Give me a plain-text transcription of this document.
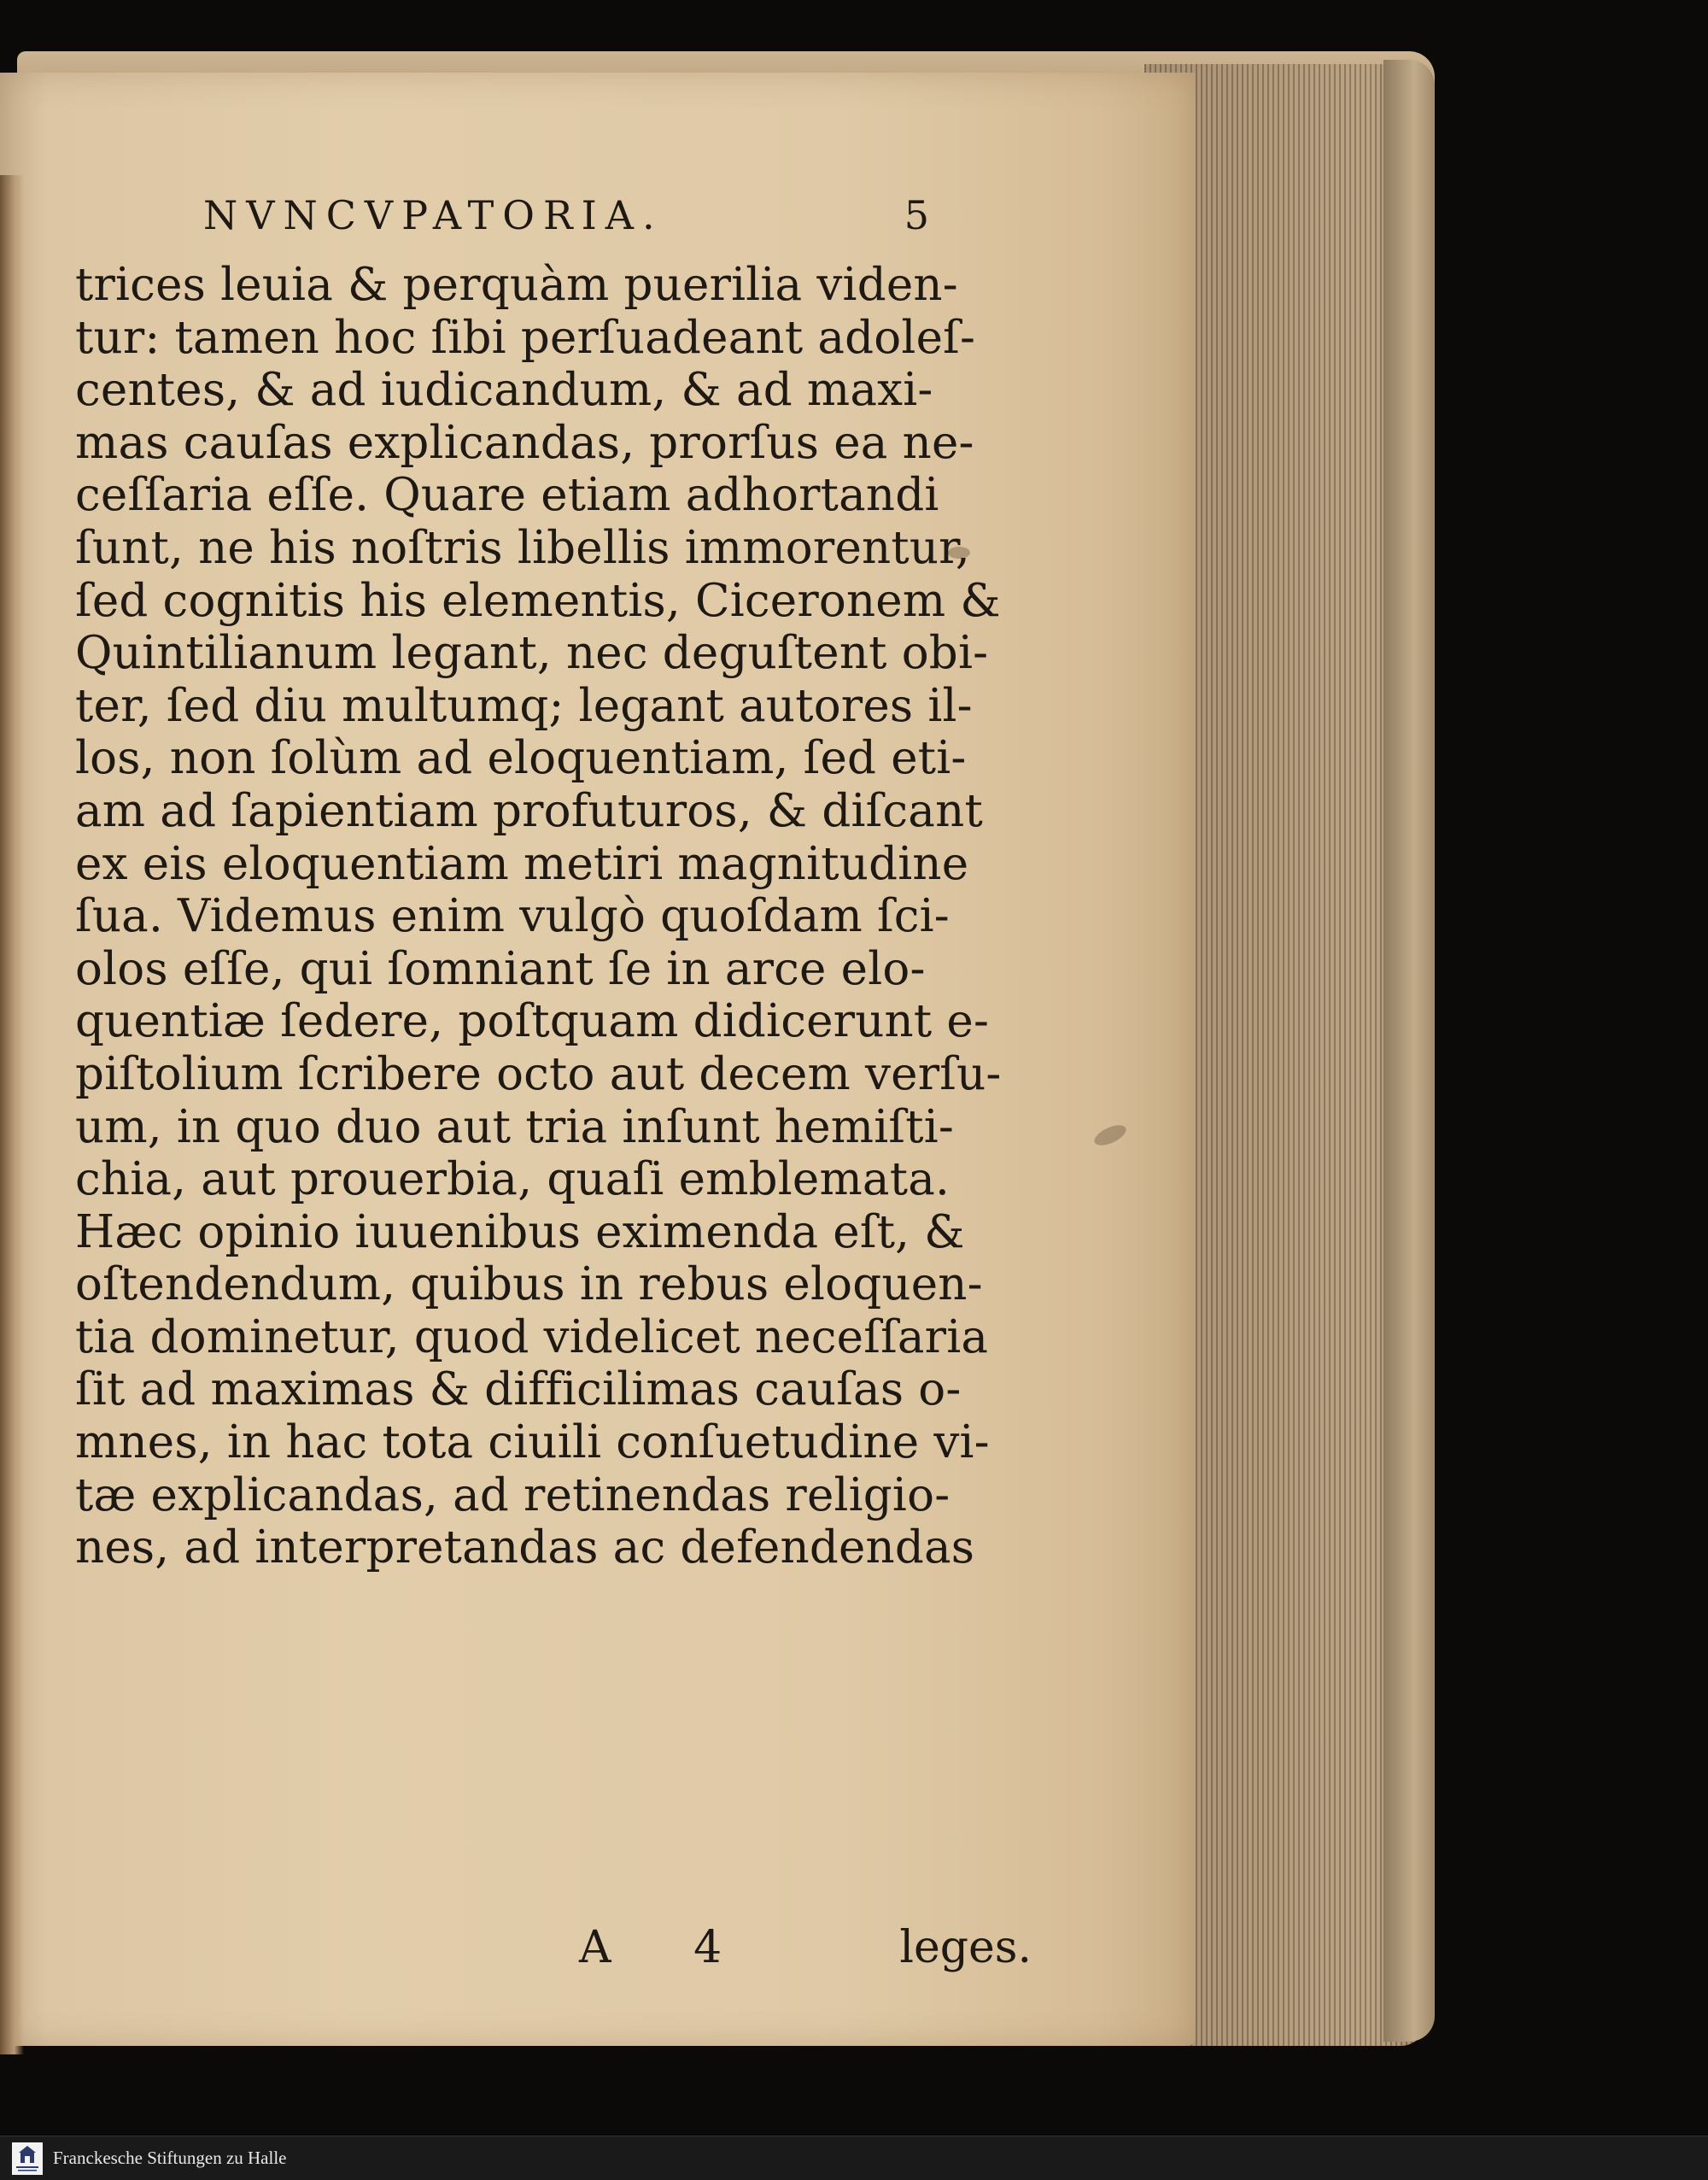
NVNCVPATORIA.	5
trices leuia & perquàm puerilia viden-
tur: tamen hoc ſibi perſuadeant adoleſ-
centes, & ad iudicandum, & ad maxi-
mas cauſas explicandas, prorſus ea ne-
ceſſaria eſſe. Quare etiam adhortandi
ſunt, ne his noſtris libellis immorentur,
ſed cognitis his elementis, Ciceronem &
Quintilianum legant, nec deguſtent obi-
ter, ſed diu multumq; legant autores il-
los, non ſolùm ad eloquentiam, ſed eti-
am ad ſapientiam profuturos, & diſcant
ex eis eloquentiam metiri magnitudine
ſua. Videmus enim vulgò quoſdam ſci-
olos eſſe, qui ſomniant ſe in arce elo-
quentiæ ſedere, poſtquam didicerunt e-
piſtolium ſcribere octo aut decem verſu-
um, in quo duo aut tria inſunt hemiſti-
chia, aut prouerbia, quaſi emblemata.
Hæc opinio iuuenibus eximenda eſt, &
oſtendendum, quibus in rebus eloquen-
tia dominetur, quod videlicet neceſſaria
ſit ad maximas & difficilimas cauſas o-
mnes, in hac tota ciuili conſuetudine vi-
tæ explicandas, ad retinendas religio-
nes, ad interpretandas ac defendendas
A 4	leges.
Franckesche Stiftungen zu Halle
